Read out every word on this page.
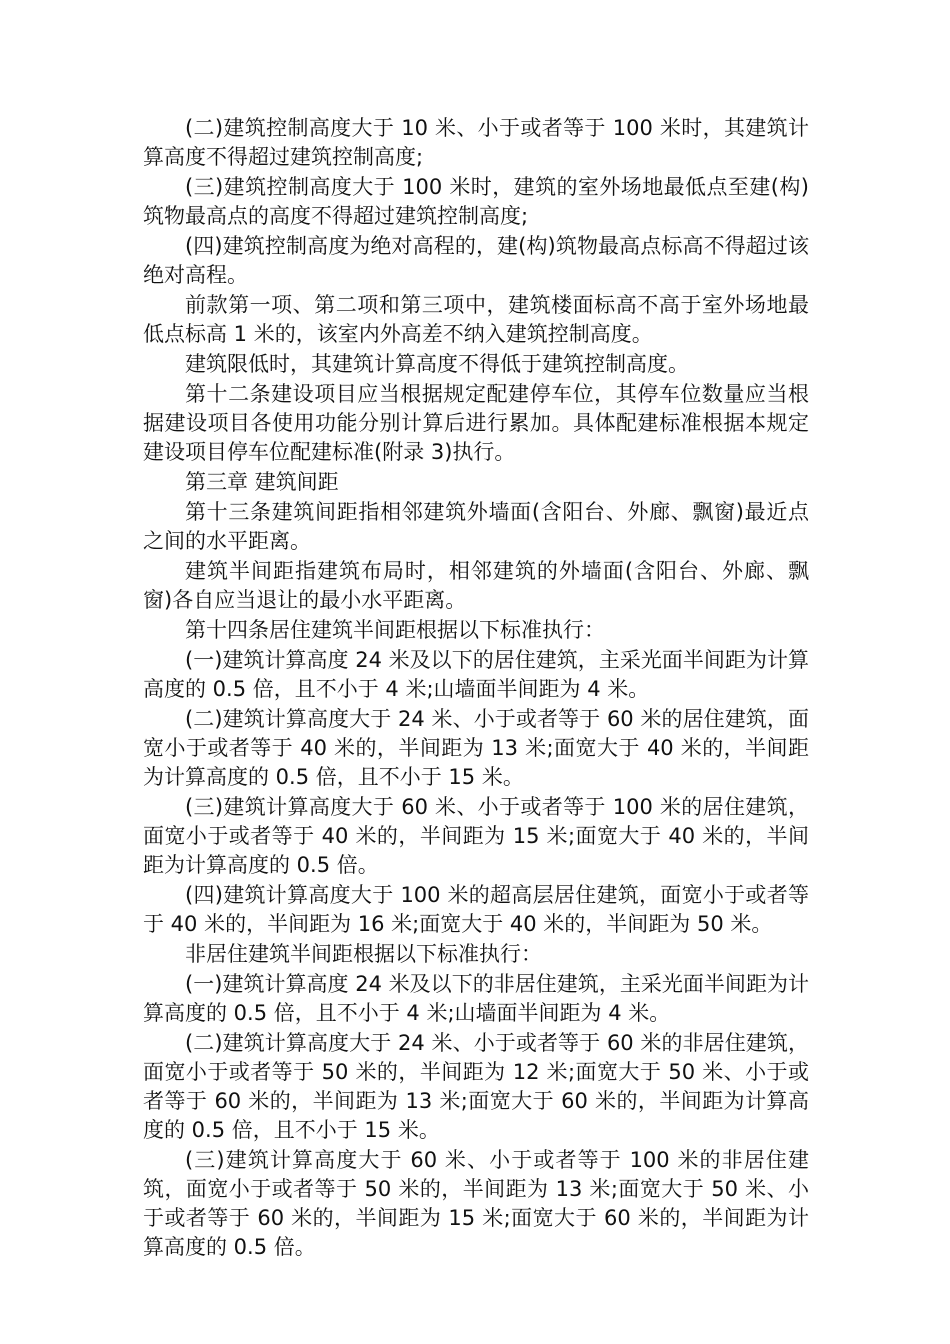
(二)建筑控制高度大于 10 米、小于或者等于 100 米时，其建筑计算高度不得超过建筑控制高度;

(三)建筑控制高度大于 100 米时，建筑的室外场地最低点至建(构)筑物最高点的高度不得超过建筑控制高度;

(四)建筑控制高度为绝对高程的，建(构)筑物最高点标高不得超过该绝对高程。

前款第一项、第二项和第三项中，建筑楼面标高不高于室外场地最低点标高 1 米的，该室内外高差不纳入建筑控制高度。

建筑限低时，其建筑计算高度不得低于建筑控制高度。

第十二条建设项目应当根据规定配建停车位，其停车位数量应当根据建设项目各使用功能分别计算后进行累加。具体配建标准根据本规定建设项目停车位配建标准(附录 3)执行。

第三章 建筑间距

第十三条建筑间距指相邻建筑外墙面(含阳台、外廊、飘窗)最近点之间的水平距离。

建筑半间距指建筑布局时，相邻建筑的外墙面(含阳台、外廊、飘窗)各自应当退让的最小水平距离。

第十四条居住建筑半间距根据以下标准执行：

(一)建筑计算高度 24 米及以下的居住建筑，主采光面半间距为计算高度的 0.5 倍，且不小于 4 米;山墙面半间距为 4 米。

(二)建筑计算高度大于 24 米、小于或者等于 60 米的居住建筑，面宽小于或者等于 40 米的，半间距为 13 米;面宽大于 40 米的，半间距为计算高度的 0.5 倍，且不小于 15 米。

(三)建筑计算高度大于 60 米、小于或者等于 100 米的居住建筑，面宽小于或者等于 40 米的，半间距为 15 米;面宽大于 40 米的，半间距为计算高度的 0.5 倍。

(四)建筑计算高度大于 100 米的超高层居住建筑，面宽小于或者等于 40 米的，半间距为 16 米;面宽大于 40 米的，半间距为 50 米。

非居住建筑半间距根据以下标准执行：

(一)建筑计算高度 24 米及以下的非居住建筑，主采光面半间距为计算高度的 0.5 倍，且不小于 4 米;山墙面半间距为 4 米。

(二)建筑计算高度大于 24 米、小于或者等于 60 米的非居住建筑，面宽小于或者等于 50 米的，半间距为 12 米;面宽大于 50 米、小于或者等于 60 米的，半间距为 13 米;面宽大于 60 米的，半间距为计算高度的 0.5 倍，且不小于 15 米。

(三)建筑计算高度大于 60 米、小于或者等于 100 米的非居住建筑，面宽小于或者等于 50 米的，半间距为 13 米;面宽大于 50 米、小于或者等于 60 米的，半间距为 15 米;面宽大于 60 米的，半间距为计算高度的 0.5 倍。
